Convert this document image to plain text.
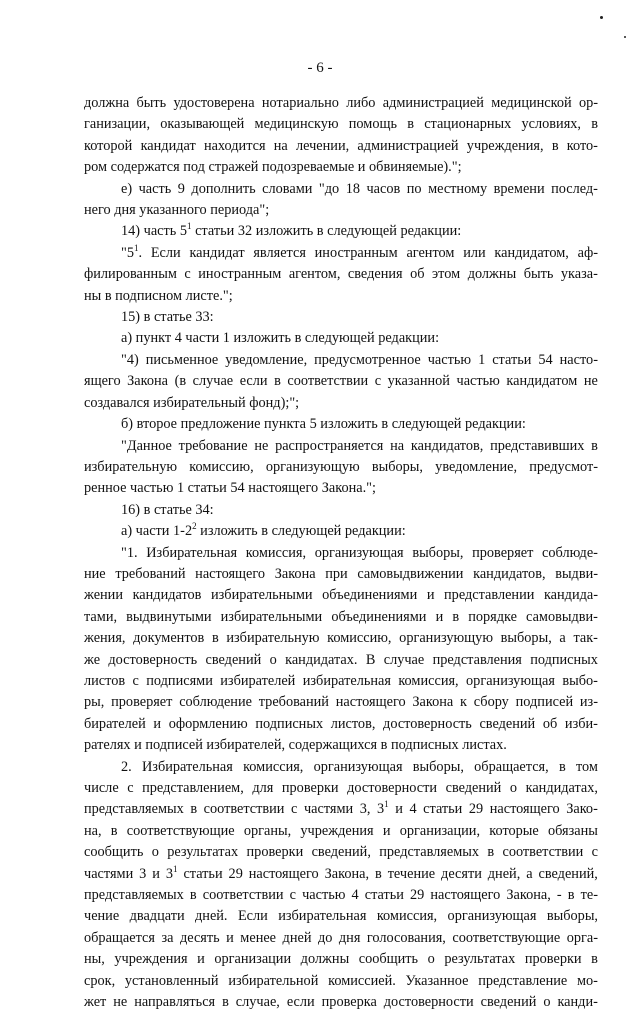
- 6 -
должна быть удостоверена нотариально либо администрацией медицинской ор-
ганизации, оказывающей медицинскую помощь в стационарных условиях, в
которой кандидат находится на лечении, администрацией учреждения, в кото-
ром содержатся под стражей подозреваемые и обвиняемые).";
е) часть 9 дополнить словами "до 18 часов по местному времени послед-
него дня указанного периода";
14) часть $5^1$ статьи 32 изложить в следующей редакции:
"$5^1$. Если кандидат является иностранным агентом или кандидатом, аф-
филированным с иностранным агентом, сведения об этом должны быть указа-
ны в подписном листе.";
15) в статье 33:
а) пункт 4 части 1 изложить в следующей редакции:
"4) письменное уведомление, предусмотренное частью 1 статьи 54 насто-
ящего Закона (в случае если в соответствии с указанной частью кандидатом не
создавался избирательный фонд);";
б) второе предложение пункта 5 изложить в следующей редакции:
"Данное требование не распространяется на кандидатов, представивших в
избирательную комиссию, организующую выборы, уведомление, предусмот-
ренное частью 1 статьи 54 настоящего Закона.";
16) в статье 34:
а) части $1-2^2$ изложить в следующей редакции:
"1. Избирательная комиссия, организующая выборы, проверяет соблюде-
ние требований настоящего Закона при самовыдвижении кандидатов, выдви-
жении кандидатов избирательными объединениями и представлении кандида-
тами, выдвинутыми избирательными объединениями и в порядке самовыдви-
жения, документов в избирательную комиссию, организующую выборы, а так-
же достоверность сведений о кандидатах. В случае представления подписных
листов с подписями избирателей избирательная комиссия, организующая выбо-
ры, проверяет соблюдение требований настоящего Закона к сбору подписей из-
бирателей и оформлению подписных листов, достоверность сведений об изби-
рателях и подписей избирателей, содержащихся в подписных листах.
2. Избирательная комиссия, организующая выборы, обращается, в том
числе с представлением, для проверки достоверности сведений о кандидатах,
представляемых в соответствии с частями 3, $3^1$ и 4 статьи 29 настоящего Зако-
на, в соответствующие органы, учреждения и организации, которые обязаны
сообщить о результатах проверки сведений, представляемых в соответствии с
частями 3 и $3^1$ статьи 29 настоящего Закона, в течение десяти дней, а сведений,
представляемых в соответствии с частью 4 статьи 29 настоящего Закона, - в те-
чение двадцати дней. Если избирательная комиссия, организующая выборы,
обращается за десять и менее дней до дня голосования, соответствующие орга-
ны, учреждения и организации должны сообщить о результатах проверки в
срок, установленный избирательной комиссией. Указанное представление мо-
жет не направляться в случае, если проверка достоверности сведений о канди-
